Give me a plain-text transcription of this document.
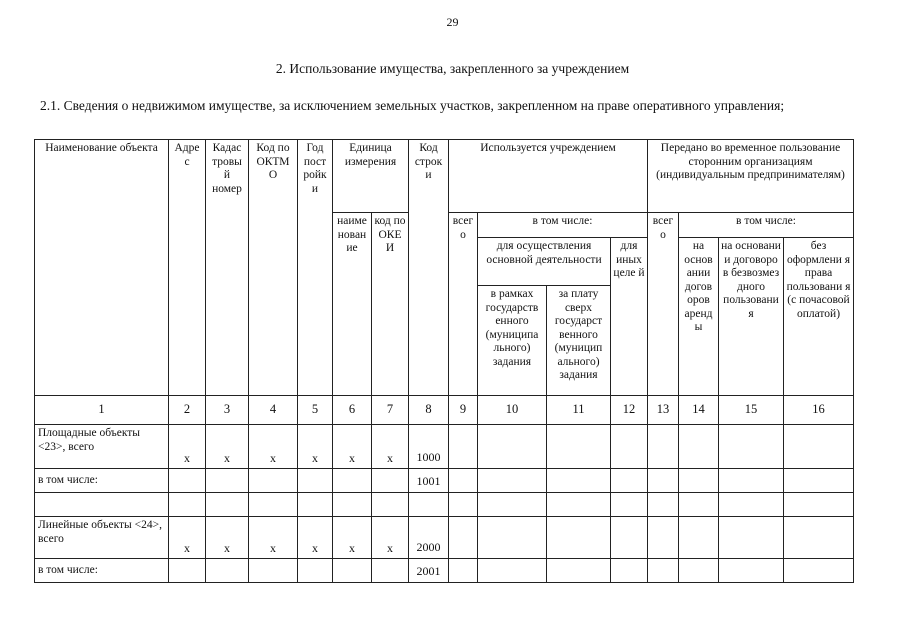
29
2. Использование имущества, закрепленного за учреждением
2.1. Сведения о недвижимом имуществе, за исключением земельных участков, закрепленном на праве оперативного управления;
Наименование объекта	Адре с	Кадас тровы й номер	Код по ОКТМ О	Год пост ройк и	Единица измерения		Код строк и	Используется учреждением				Передано во временное пользование сторонним организациям (индивидуальным предпринимателям)			
					наиме нован ие	код по ОКЕ И		всег о	в том числе:			всег о	в том числе:		
									для осуществления основной деятельности		для иных целе й		на основ ании догов оров аренд ы	на основани и договоро в безвозмез дного пользовани я	без оформлени я права пользовани я (с почасовой оплатой)
									в рамках государств енного (муниципа льного) задания	за плату сверх государст венного (муницип ального) задания					

1	2	3	4	5	6	7	8	9	10	11	12	13	14	15	16
Площадные объекты <23>, всего	x	x	x	x	x	x	1000								
в том числе:							1001								

Линейные объекты <24>, всего	x	x	x	x	x	x	2000								
в том числе:							2001								
